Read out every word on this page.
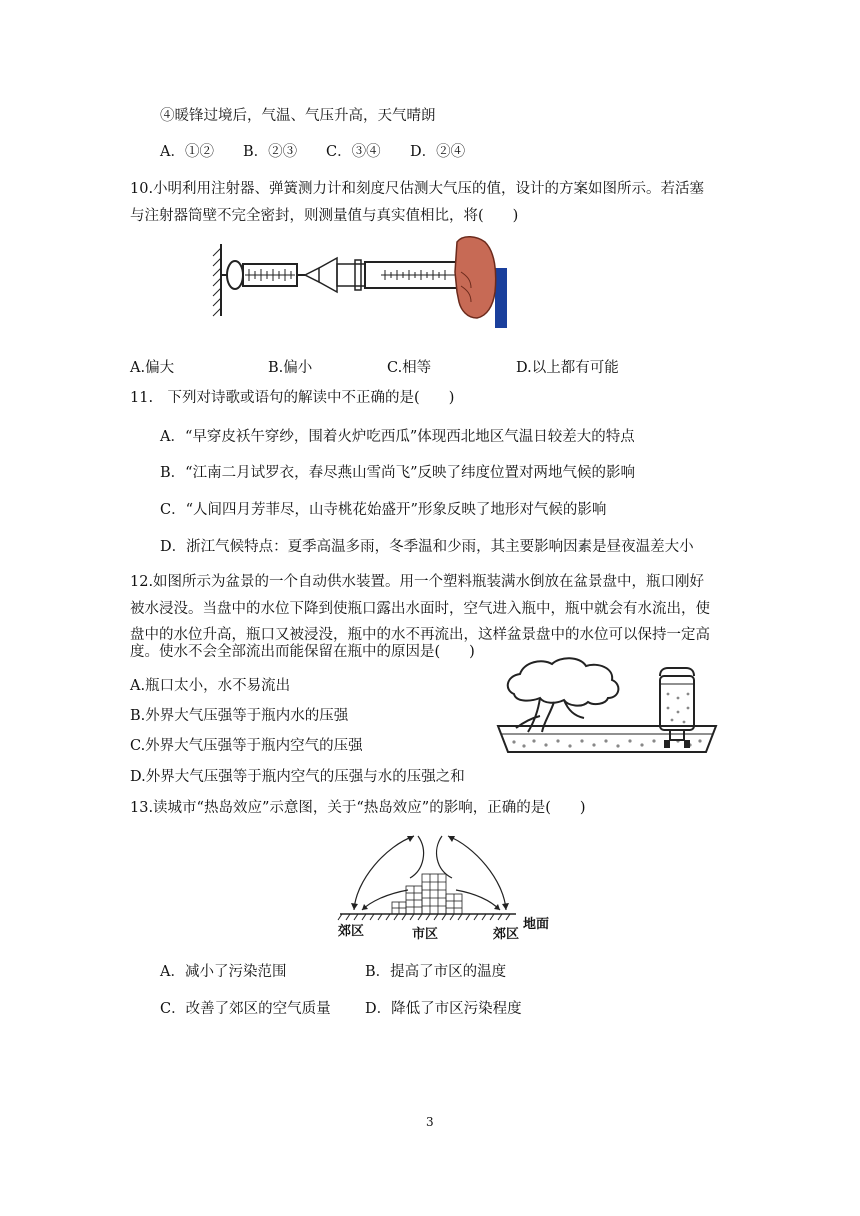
④暖锋过境后，气温、气压升高，天气晴朗
A．①② B．②③ C．③④ D．②④
10.小明利用注射器、弹簧测力计和刻度尺估测大气压的值，设计的方案如图所示。若活塞
与注射器筒壁不完全密封，则测量值与真实值相比，将(　　)
A.偏大	B.偏小	C.相等	D.以上都有可能
11.　下列对诗歌或语句的解读中不正确的是(　　)
A．“早穿皮袄午穿纱，围着火炉吃西瓜”体现西北地区气温日较差大的特点
B．“江南二月试罗衣，春尽燕山雪尚飞”反映了纬度位置对两地气候的影响
C．“人间四月芳菲尽，山寺桃花始盛开”形象反映了地形对气候的影响
D．浙江气候特点：夏季高温多雨，冬季温和少雨，其主要影响因素是昼夜温差大小
12.如图所示为盆景的一个自动供水装置。用一个塑料瓶装满水倒放在盆景盘中，瓶口刚好
被水浸没。当盘中的水位下降到使瓶口露出水面时，空气进入瓶中，瓶中就会有水流出，使
盘中的水位升高，瓶口又被浸没，瓶中的水不再流出，这样盆景盘中的水位可以保持一定高
度。使水不会全部流出而能保留在瓶中的原因是(　　)
A.瓶口太小，水不易流出
B.外界大气压强等于瓶内水的压强
C.外界大气压强等于瓶内空气的压强
D.外界大气压强等于瓶内空气的压强与水的压强之和
13.读城市“热岛效应”示意图，关于“热岛效应”的影响，正确的是(　　)
郊区	市区	郊区
地面
A．减小了污染范围	B．提高了市区的温度
C．改善了郊区的空气质量 D．降低了市区污染程度
3
